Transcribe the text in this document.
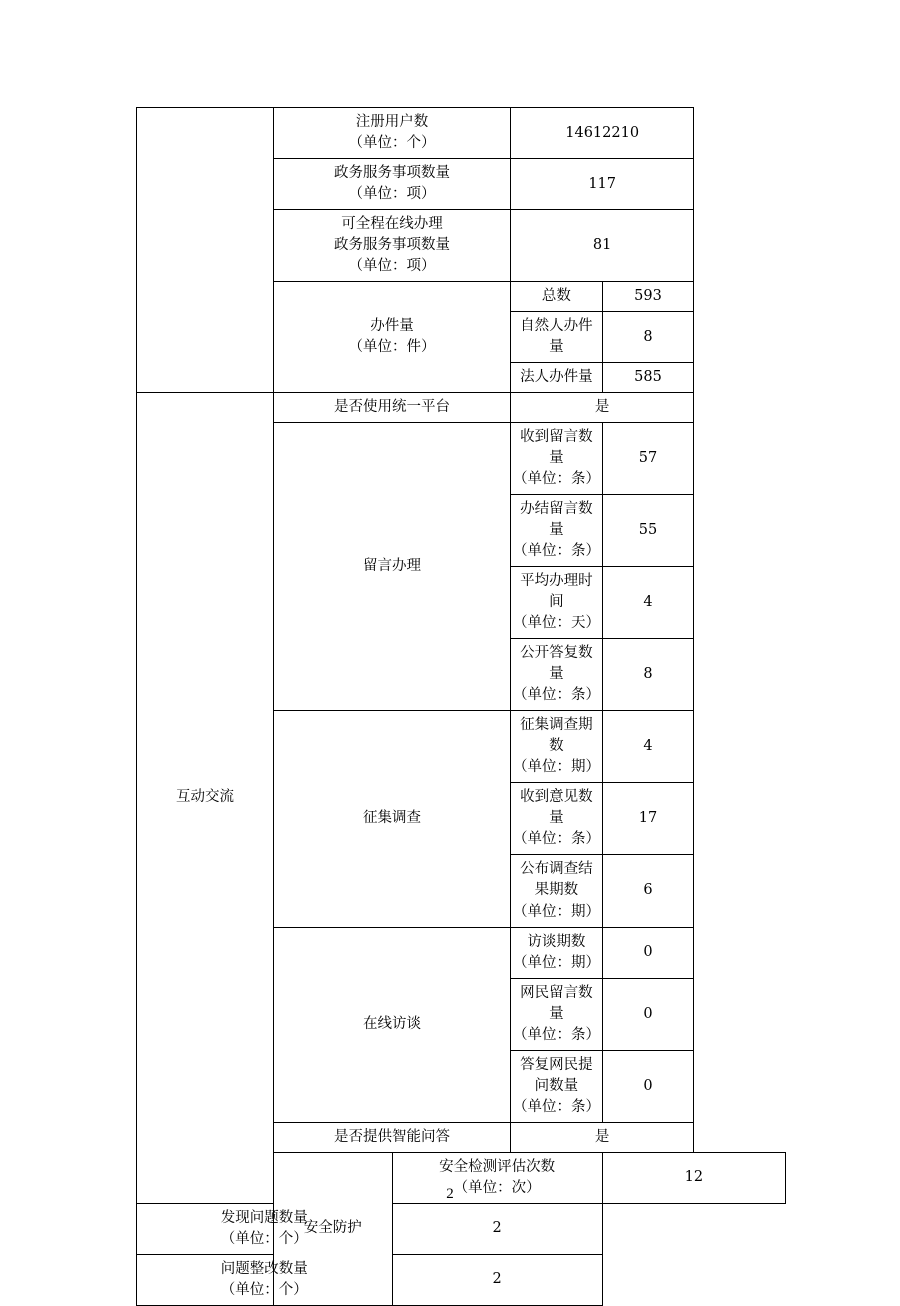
	注册用户数
（单位：个）		14612210	

	政务服务事项数量
（单位：项）		117	

	可全程在线办理
政务服务事项数量
（单位：项）		81	

	办件量
（单位：件）		总数	593
			自然人办件量	8
			法人办件量	585
互动交流	是否使用统一平台		是	
	留言办理		收到留言数量
（单位：条）	57

			办结留言数量
（单位：条）	55

			平均办理时间
（单位：天）	4

			公开答复数量
（单位：条）	8
	征集调查		征集调查期数
（单位：期）	4

			收到意见数量
（单位：条）	17

			公布调查结果期数
（单位：期）	6
	在线访谈		访谈期数
（单位：期）	0

			网民留言数量
（单位：条）	0

			答复网民提问数量
（单位：条）	0
	是否提供智能问答		是	
	安全防护	安全检测评估次数
（单位：次）		12

发现问题数量
（单位：个）		2		

问题整改数量
（单位：个）		2		
2
